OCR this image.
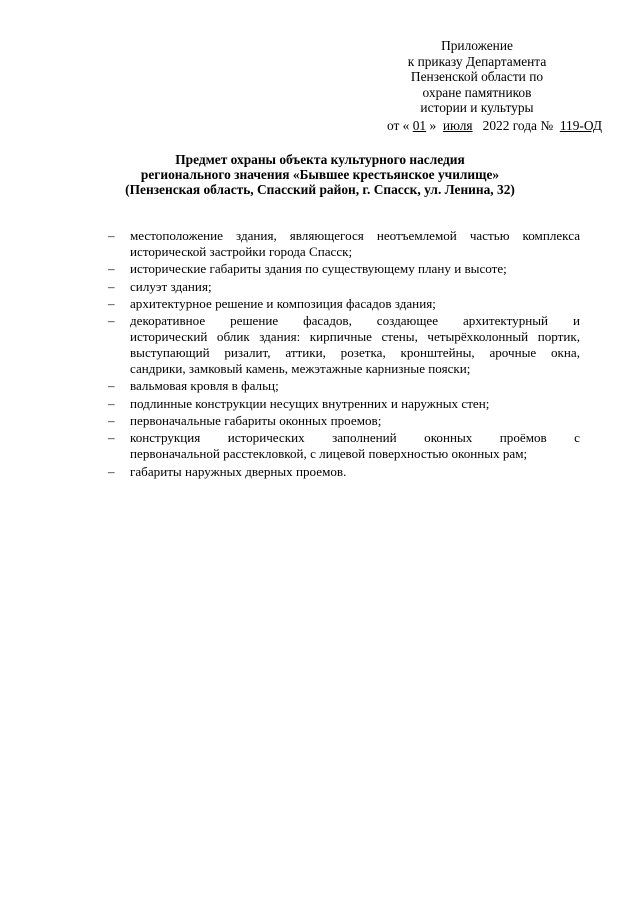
Приложение
к приказу Департамента
Пензенской области по
охране памятников
истории и культуры
от « 01 » июля 2022 года № 119-ОД
Предмет охраны объекта культурного наследия
регионального значения «Бывшее крестьянское училище»
(Пензенская область, Спасский район, г. Спасск, ул. Ленина, 32)
– местоположение здания, являющегося неотъемлемой частью комплекса
исторической застройки города Спасск;
– исторические габариты здания по существующему плану и высоте;
– силуэт здания;
– архитектурное решение и композиция фасадов здания;
– декоративное решение фасадов, создающее архитектурный и
исторический облик здания: кирпичные стены, четырёхколонный портик,
выступающий ризалит, аттики, розетка, кронштейны, арочные окна,
сандрики, замковый камень, межэтажные карнизные пояски;
– вальмовая кровля в фальц;
– подлинные конструкции несущих внутренних и наружных стен;
– первоначальные габариты оконных проемов;
– конструкция исторических заполнений оконных проёмов с
первоначальной расстекловкой, с лицевой поверхностью оконных рам;
– габариты наружных дверных проемов.
